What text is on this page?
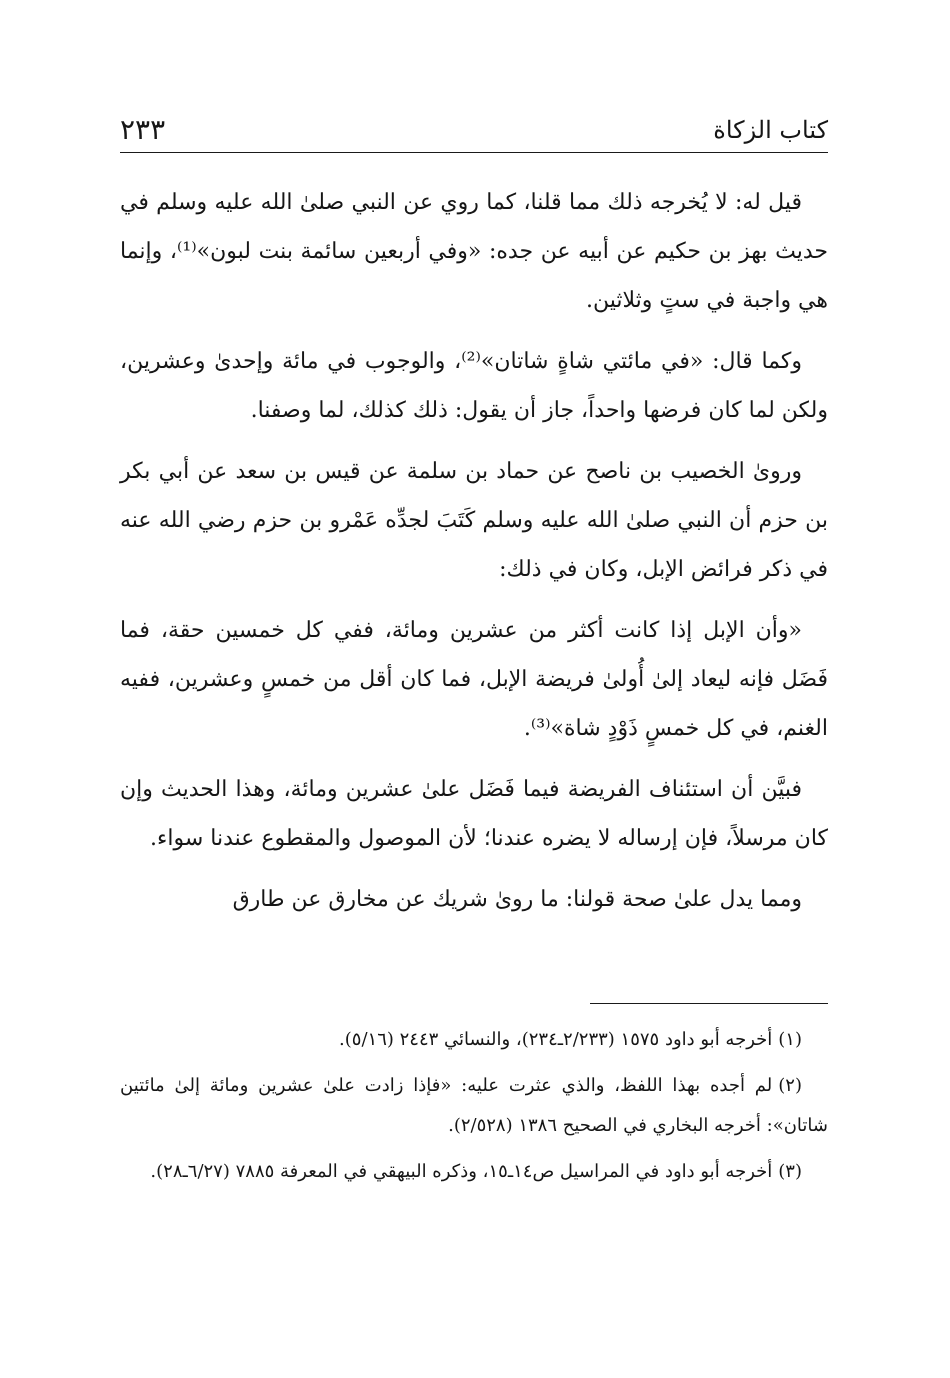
كتاب الزكاة
٢٣٣

قيل له: لا يُخرجه ذلك مما قلنا، كما روي عن النبي صلىٰ الله عليه وسلم في حديث بهز بن حكيم عن أبيه عن جده: «وفي أربعين سائمة بنت لبون»⁽¹⁾، وإنما هي واجبة في ستٍ وثلاثين.

وكما قال: «في مائتي شاةٍ شاتان»⁽²⁾، والوجوب في مائة وإحدىٰ وعشرين، ولكن لما كان فرضها واحداً، جاز أن يقول: ذلك كذلك، لما وصفنا.

وروىٰ الخصيب بن ناصح عن حماد بن سلمة عن قيس بن سعد عن أبي بكر بن حزم أن النبي صلىٰ الله عليه وسلم كَتَبَ لجدِّه عَمْرو بن حزم رضي الله عنه في ذكر فرائض الإبل، وكان في ذلك:

«وأن الإبل إذا كانت أكثر من عشرين ومائة، ففي كل خمسين حقة، فما فَضَل فإنه ليعاد إلىٰ أُولىٰ فريضة الإبل، فما كان أقل من خمسٍ وعشرين، ففيه الغنم، في كل خمسٍ ذَوْدٍ شاة»⁽³⁾.

فبيَّن أن استئناف الفريضة فيما فَضَل علىٰ عشرين ومائة، وهذا الحديث وإن كان مرسلاً، فإن إرساله لا يضره عندنا؛ لأن الموصول والمقطوع عندنا سواء.

ومما يدل علىٰ صحة قولنا: ما روىٰ شريك عن مخارق عن طارق

(١)أخرجه أبو داود ١٥٧٥ (٢/٢٣٣ـ٢٣٤)، والنسائي ٢٤٤٣ (٥/١٦).

(٢)لم أجده بهذا اللفظ، والذي عثرت عليه: «فإذا زادت علىٰ عشرين ومائة إلىٰ مائتين شاتان»: أخرجه البخاري في الصحيح ١٣٨٦ (٢/٥٢٨).

(٣)أخرجه أبو داود في المراسيل ص١٤ـ١٥، وذكره البيهقي في المعرفة ٧٨٨٥ (٦/٢٧ـ٢٨).
